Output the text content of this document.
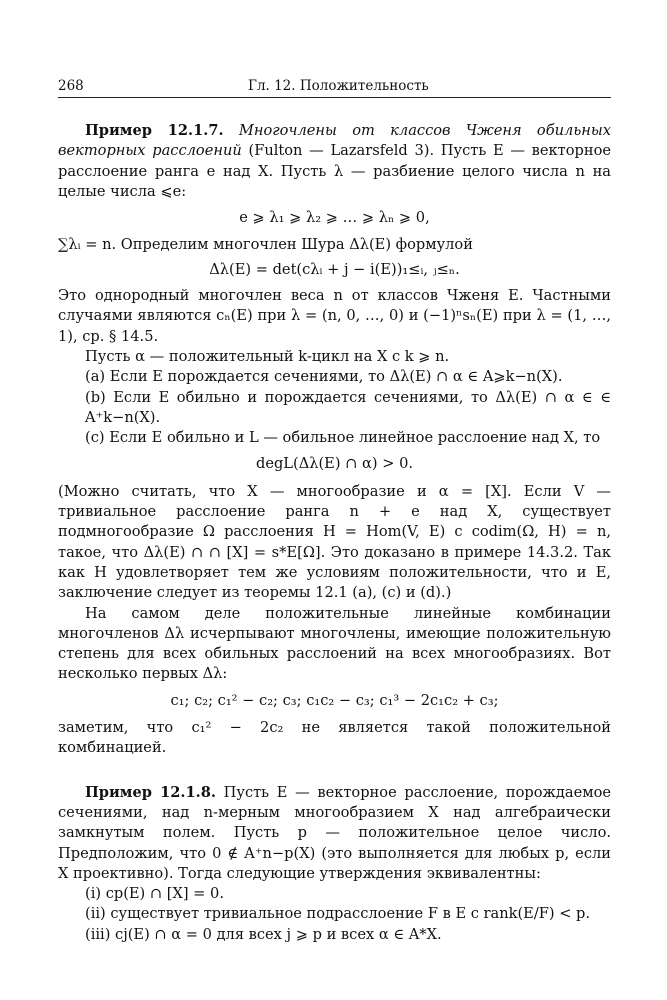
268	Гл. 12. Положительность

Пример 12.1.7. Многочлены от классов Чженя обильных векторных расслоений (Fulton — Lazarsfeld 3). Пусть E — векторное расслоение ранга e над X. Пусть λ — разбиение целого числа n на целые числа ⩽e:

e ⩾ λ₁ ⩾ λ₂ ⩾ … ⩾ λₙ ⩾ 0,

∑λᵢ = n. Определим многочлен Шура Δλ(E) формулой

Δλ(E) = det(cλᵢ + j − i(E))₁≤ᵢ, ⱼ≤ₙ.

Это однородный многочлен веса n от классов Чженя E. Частными случаями являются cₙ(E) при λ = (n, 0, …, 0) и (−1)ⁿsₙ(E) при λ = (1, …, 1), ср. § 14.5.

Пусть α — положительный k-цикл на X с k ⩾ n.

(a) Если E порождается сечениями, то Δλ(E) ∩ α ∈ A⩾k−n(X).

(b) Если E обильно и порождается сечениями, то Δλ(E) ∩ α ∈ ∈ A⁺k−n(X).

(c) Если E обильно и L — обильное линейное расслоение над X, то

degL(Δλ(E) ∩ α) > 0.

(Можно считать, что X — многообразие и α = [X]. Если V — тривиальное расслоение ранга n + e над X, существует подмногообразие Ω расслоения H = Hom(V, E) с codim(Ω, H) = n, такое, что Δλ(E) ∩ ∩ [X] = s*E[Ω]. Это доказано в примере 14.3.2. Так как H удовлетворяет тем же условиям положительности, что и E, заключение следует из теоремы 12.1 (a), (c) и (d).)

На самом деле положительные линейные комбинации многочленов Δλ исчерпывают многочлены, имеющие положительную степень для всех обильных расслоений на всех многообразиях. Вот несколько первых Δλ:

c₁; c₂; c₁² − c₂; c₃; c₁c₂ − c₃; c₁³ − 2c₁c₂ + c₃;

заметим, что c₁² − 2c₂ не является такой положительной комбинацией.

Пример 12.1.8. Пусть E — векторное расслоение, порождаемое сечениями, над n-мерным многообразием X над алгебраически замкнутым полем. Пусть p — положительное целое число. Предположим, что 0 ∉ A⁺n−p(X) (это выполняется для любых p, если X проективно). Тогда следующие утверждения эквивалентны:

(i) cp(E) ∩ [X] = 0.

(ii) существует тривиальное подрасслоение F в E с rank(E/F) < p.

(iii) cj(E) ∩ α = 0 для всех j ⩾ p и всех α ∈ A*X.
